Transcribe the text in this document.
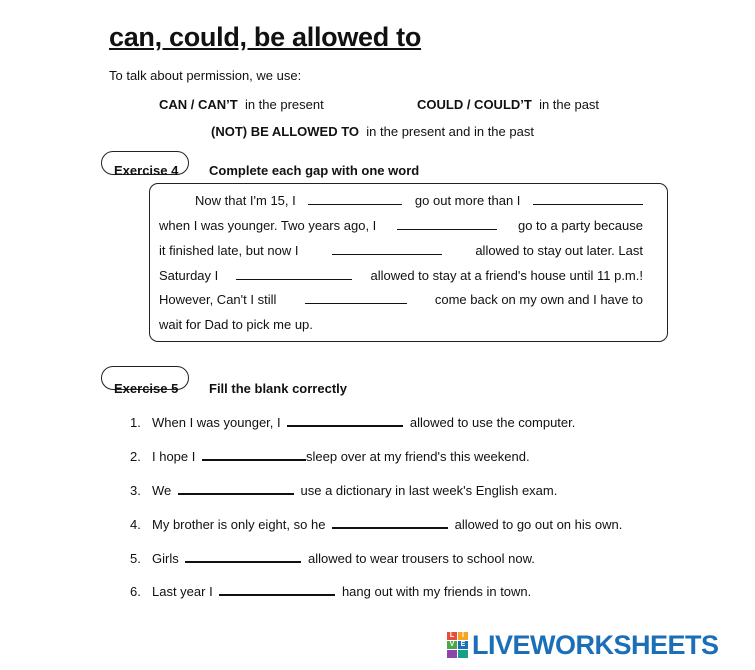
can, could, be allowed to
To talk about permission, we use:
CAN / CAN’T in the present	COULD / COULD’T in the past
(NOT) BE ALLOWED TO in the present and in the past
Exercise 4 Complete each gap with one word
Now that I'm 15, I	go out more than I
when I was younger. Two years ago, I	go to a party because
it finished late, but now I	allowed to stay out later. Last
Saturday I	allowed to stay at a friend's house until 11 p.m.!
However, Can't I still	come back on my own and I have to
wait for Dad to pick me up.
Exercise 5 Fill the blank correctly
1. When I was younger, I	allowed to use the computer.
2. I hope I	sleep over at my friend's this weekend.
3. We	use a dictionary in last week's English exam.
4. My brother is only eight, so he	allowed to go out on his own.
5. Girls	allowed to wear trousers to school now.
6. Last year I	hang out with my friends in town.
L	I
V E LIVEWORKSHEETS
